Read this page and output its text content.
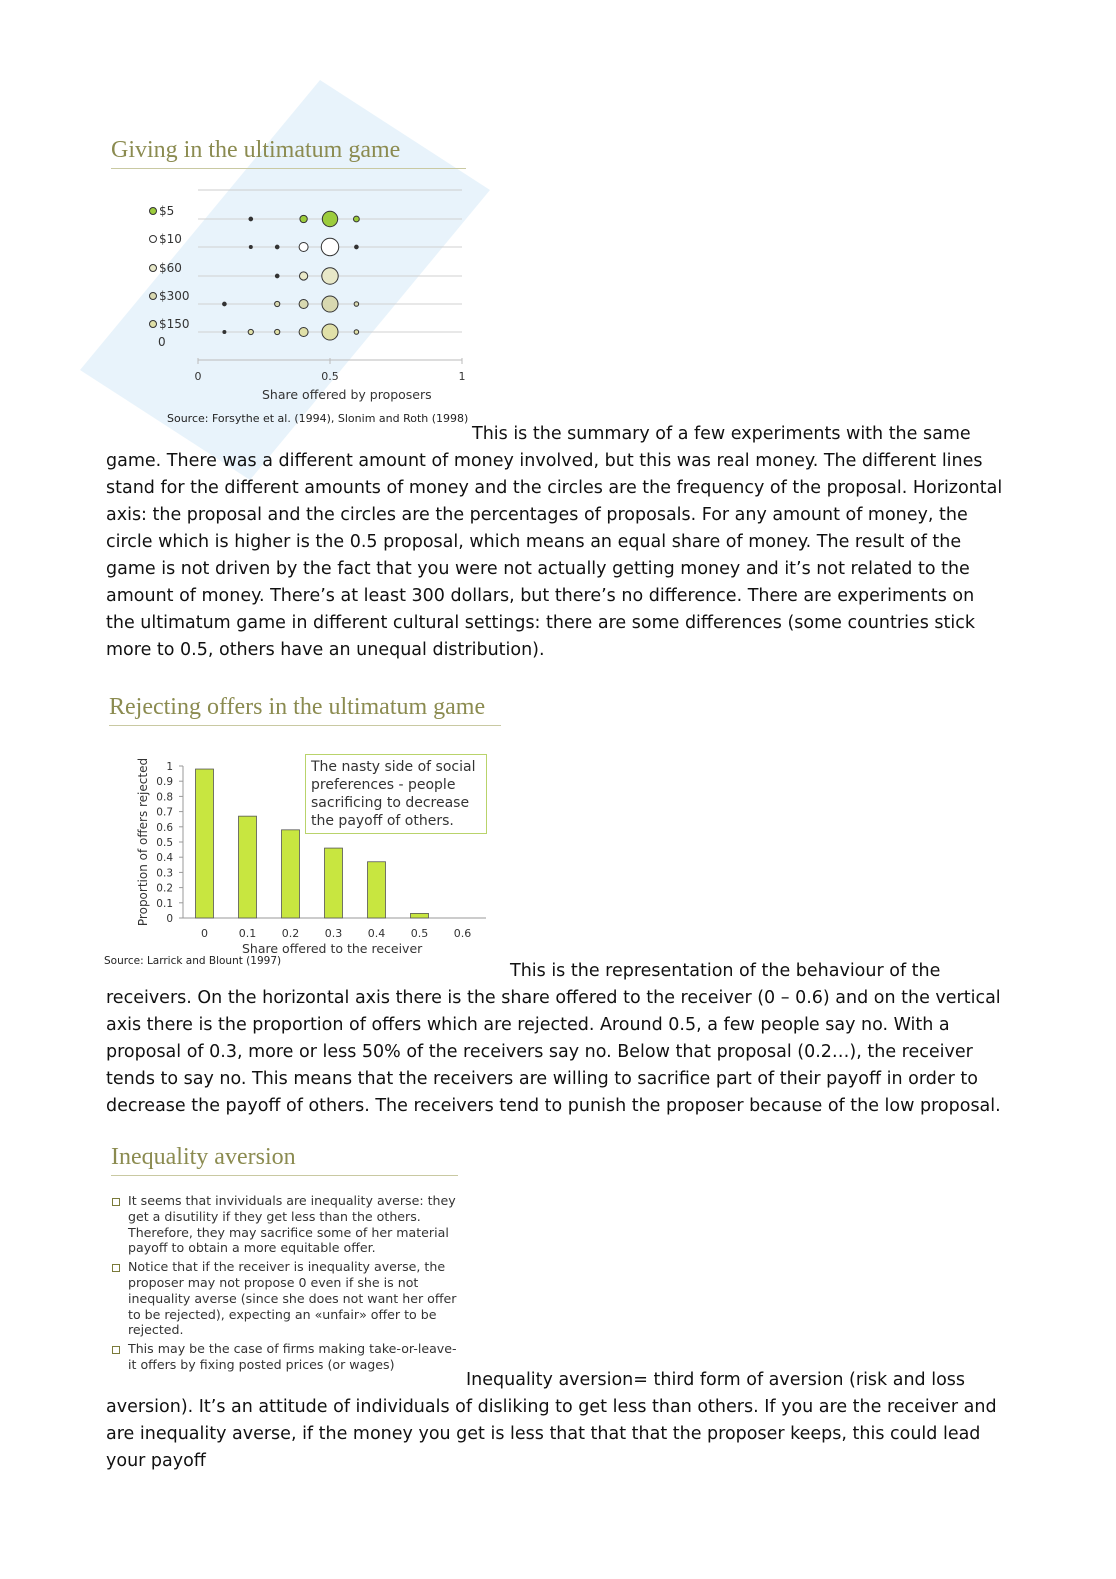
Giving in the ultimatum game
$5
$10
$60
$300
$150
0
0	0.5	1
Share offered by proposers
Source: Forsythe et al. (1994), Slonim and Roth (1998)

This is the summary of a few experiments with the same game. There was a different amount of money involved, but this was real money. The different lines stand for the different amounts of money and the circles are the frequency of the proposal. Horizontal axis: the proposal and the circles are the percentages of proposals. For any amount of money, the circle which is higher is the 0.5 proposal, which means an equal share of money. The result of the game is not driven by the fact that you were not actually getting money and it’s not related to the amount of money. There’s at least 300 dollars, but there’s no difference. There are experiments on the ultimatum game in different cultural settings: there are some differences (some countries stick more to 0.5, others have an unequal distribution).

Rejecting offers in the ultimatum game
0
0.1
0.2
0.3
0.4
0.5
0.6
0.7
0.8
0.9
1
0	0.1 0.2 0.3 0.4 0.5 0.6
Proportion of offers rejected	The nasty side of social preferences - people sacrificing to decrease the payoff of others.
Share offered to the receiver
Source: Larrick and Blount (1997)	This is the representation of the behaviour of the receivers. On the horizontal axis there is the share offered to the receiver (0 – 0.6) and on the vertical axis there is the proportion of offers which are rejected. Around 0.5, a few people say no. With a proposal of 0.3, more or less 50% of the receivers say no. Below that proposal (0.2…), the receiver tends to say no. This means that the receivers are willing to sacrifice part of their payoff in order to decrease the payoff of others. The receivers tend to punish the proposer because of the low proposal.

Inequality aversion
It seems that invividuals are inequality averse: they get a disutility if they get less than the others. Therefore, they may sacrifice some of her material payoff to obtain a more equitable offer.
Notice that if the receiver is inequality averse, the proposer may not propose 0 even if she is not inequality averse (since she does not want her offer to be rejected), expecting an «unfair» offer to be rejected.
This may be the case of firms making take-or-leave-it offers by fixing posted prices (or wages)

Inequality aversion= third form of aversion (risk and loss aversion). It’s an attitude of individuals of disliking to get less than others. If you are the receiver and are inequality averse, if the money you get is less that that that the proposer keeps, this could lead your payoff
